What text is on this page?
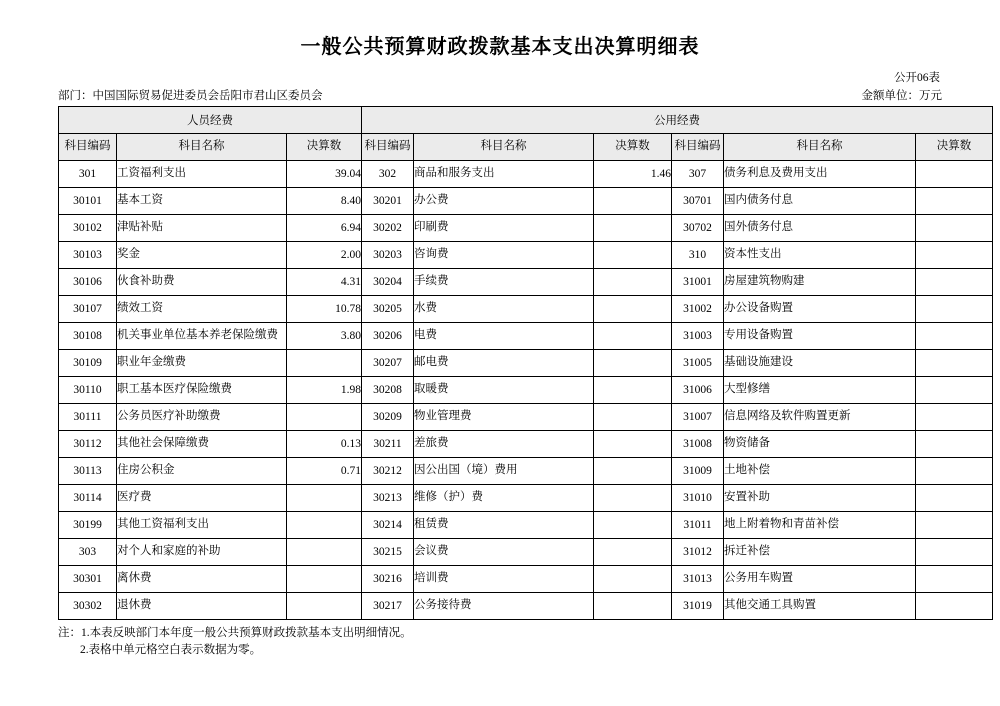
一般公共预算财政拨款基本支出决算明细表
公开06表
部门：中国国际贸易促进委员会岳阳市君山区委员会	金额单位：万元
人员经费			公用经费					
科目编码	科目名称	决算数	科目编码	科目名称	决算数	科目编码	科目名称	决算数
301	工资福利支出	39.04	302	商品和服务支出	1.46	307	债务利息及费用支出	
30101	基本工资	8.40	30201	办公费		30701	国内债务付息	
30102	津贴补贴	6.94	30202	印刷费		30702	国外债务付息	
30103	奖金	2.00	30203	咨询费		310	资本性支出	
30106	伙食补助费	4.31	30204	手续费		31001	房屋建筑物购建	
30107	绩效工资	10.78	30205	水费		31002	办公设备购置	
30108	机关事业单位基本养老保险缴费	3.80	30206	电费		31003	专用设备购置	
30109	职业年金缴费		30207	邮电费		31005	基础设施建设	
30110	职工基本医疗保险缴费	1.98	30208	取暖费		31006	大型修缮	
30111	公务员医疗补助缴费		30209	物业管理费		31007	信息网络及软件购置更新	
30112	其他社会保障缴费	0.13	30211	差旅费		31008	物资储备	
30113	住房公积金	0.71	30212	因公出国（境）费用		31009	土地补偿	
30114	医疗费		30213	维修（护）费		31010	安置补助	
30199	其他工资福利支出		30214	租赁费		31011	地上附着物和青苗补偿	
303	对个人和家庭的补助		30215	会议费		31012	拆迁补偿	
30301	离休费		30216	培训费		31013	公务用车购置	
30302	退休费		30217	公务接待费		31019	其他交通工具购置	
注：1.本表反映部门本年度一般公共预算财政拨款基本支出明细情况。
2.表格中单元格空白表示数据为零。
